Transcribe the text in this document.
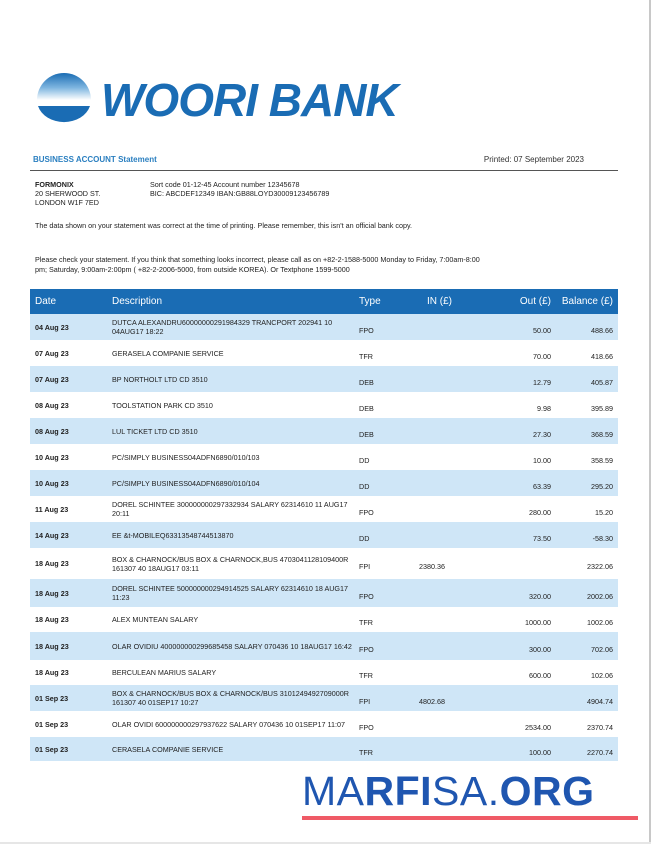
WOORI BANK
BUSINESS ACCOUNT Statement	Printed: 07 September 2023
FORMONIX
20 SHERWOOD ST.
LONDON W1F 7ED
Sort code 01-12-45 Account number 12345678
BIC: ABCDEF12349 IBAN:GB88LOYD30009123456789
The data shown on your statement was correct at the time of printing. Please remember, this isn't an official bank copy.
Please check your statement. If you think that something looks incorrect, please call as on +82-2-1588-5000 Monday to Friday, 7:00am-8:00 pm; Saturday, 9:00am-2:00pm ( +82-2-2006-5000, from outside KOREA). Or Textphone 1599-5000
Date	Description	Type	IN (£)	Out (£)	Balance (£)
04 Aug 23	DUTCA ALEXANDRU60000000291984329 TRANCPORT 202941 10 04AUG17 18:22	FPO		50.00	488.66
07 Aug 23	GERASELA COMPANIE SERVICE	TFR		70.00	418.66
07 Aug 23	BP NORTHOLT LTD CD 3510	DEB		12.79	405.87
08 Aug 23	TOOLSTATION PARK CD 3510	DEB		9.98	395.89
08 Aug 23	LUL TICKET LTD CD 3510	DEB		27.30	368.59
10 Aug 23	PC/SIMPLY BUSINESS04ADFN6890/010/103	DD		10.00	358.59
10 Aug 23	PC/SIMPLY BUSINESS04ADFN6890/010/104	DD		63.39	295.20
11 Aug 23	DOREL SCHINTEE 300000000297332934 SALARY 62314610 11 AUG17 20:11	FPO		280.00	15.20
14 Aug 23	EE &t-MOBILEQ63313548744513870	DD		73.50	-58.30
18 Aug 23	BOX & CHARNOCK/BUS BOX & CHARNOCK,BUS 4703041128109400R 161307 40 18AUG17 03:11	FPI	2380.36		2322.06
18 Aug 23	DOREL SCHINTEE 500000000294914525 SALARY 62314610 18 AUG17 11:23	FPO		320.00	2002.06
18 Aug 23	ALEX MUNTEAN SALARY	TFR		1000.00	1002.06
18 Aug 23	OLAR OVIDIU 400000000299685458 SALARY 070436 10 18AUG17 16:42	FPO		300.00	702.06
18 Aug 23	BERCULEAN MARIUS SALARY	TFR		600.00	102.06
01 Sep 23	BOX & CHARNOCK/BUS BOX & CHARNOCK/BUS 3101249492709000R 161307 40 01SEP17 10:27	FPI	4802.68		4904.74
01 Sep 23	OLAR OVIDI 600000000297937622 SALARY 070436 10 01SEP17 11:07	FPO		2534.00	2370.74
01 Sep 23	CERASELA COMPANIE SERVICE	TFR		100.00	2270.74
MARFISA.ORG
